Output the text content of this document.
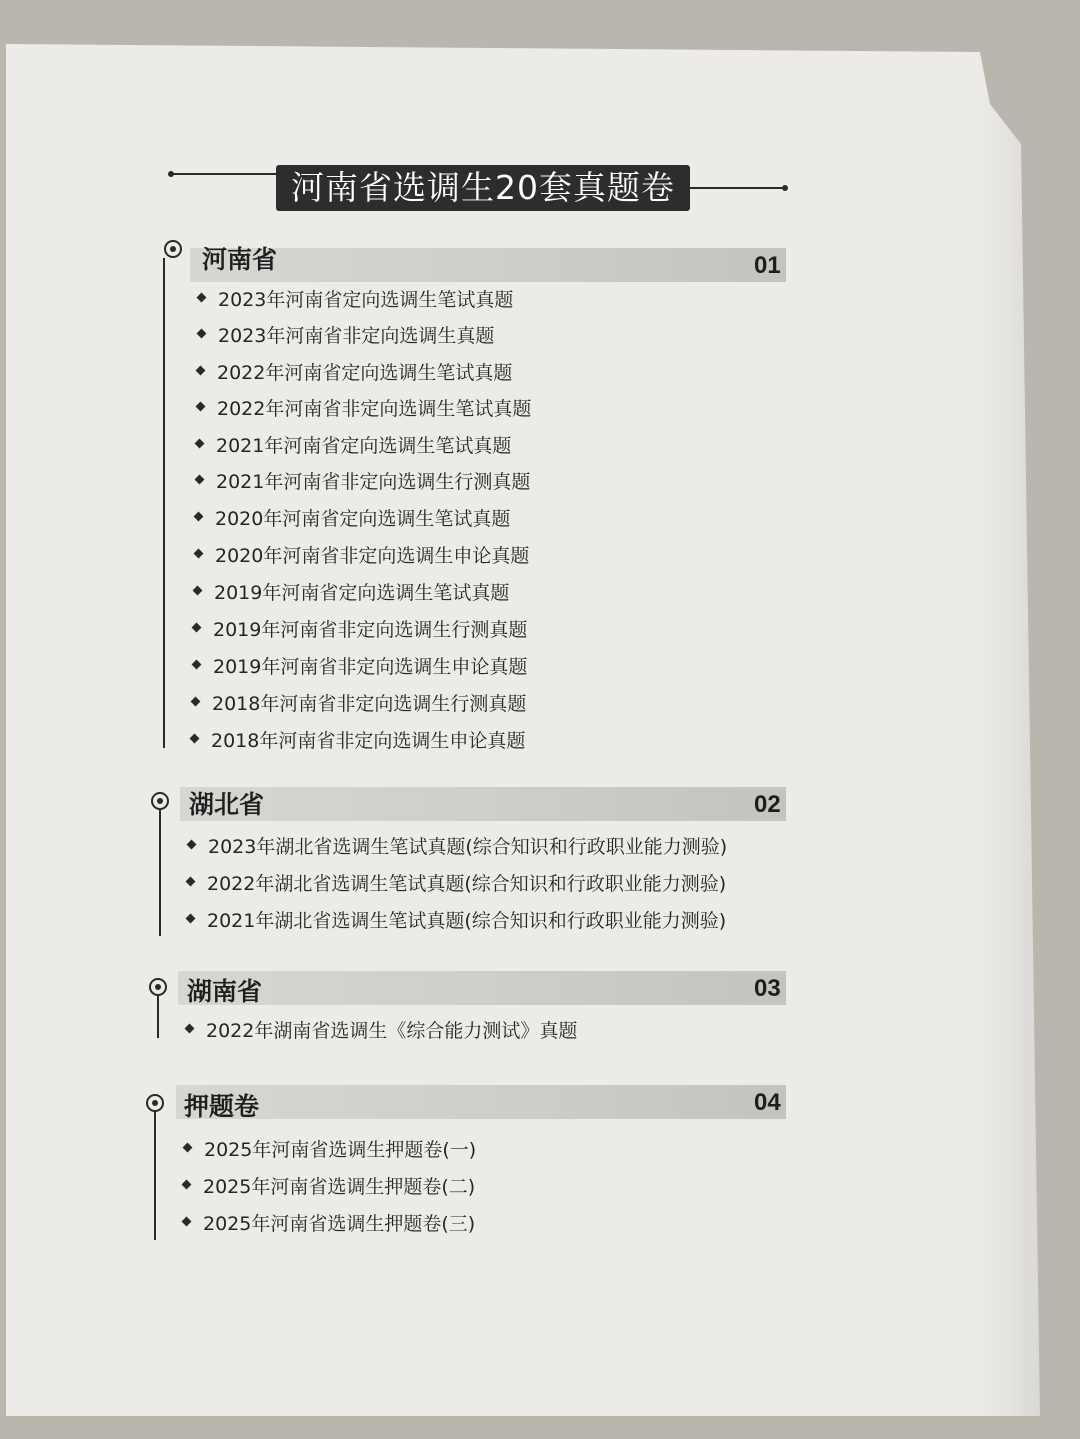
河南省选调生20套真题卷
河南省	01
2023年河南省定向选调生笔试真题
2023年河南省非定向选调生真题
2022年河南省定向选调生笔试真题
2022年河南省非定向选调生笔试真题
2021年河南省定向选调生笔试真题
2021年河南省非定向选调生行测真题
2020年河南省定向选调生笔试真题
2020年河南省非定向选调生申论真题
2019年河南省定向选调生笔试真题
2019年河南省非定向选调生行测真题
2019年河南省非定向选调生申论真题
2018年河南省非定向选调生行测真题
2018年河南省非定向选调生申论真题
湖北省	02
2023年湖北省选调生笔试真题(综合知识和行政职业能力测验)
2022年湖北省选调生笔试真题(综合知识和行政职业能力测验)
2021年湖北省选调生笔试真题(综合知识和行政职业能力测验)
湖南省	03
2022年湖南省选调生《综合能力测试》真题
押题卷	04
2025年河南省选调生押题卷(一)
2025年河南省选调生押题卷(二)
2025年河南省选调生押题卷(三)
